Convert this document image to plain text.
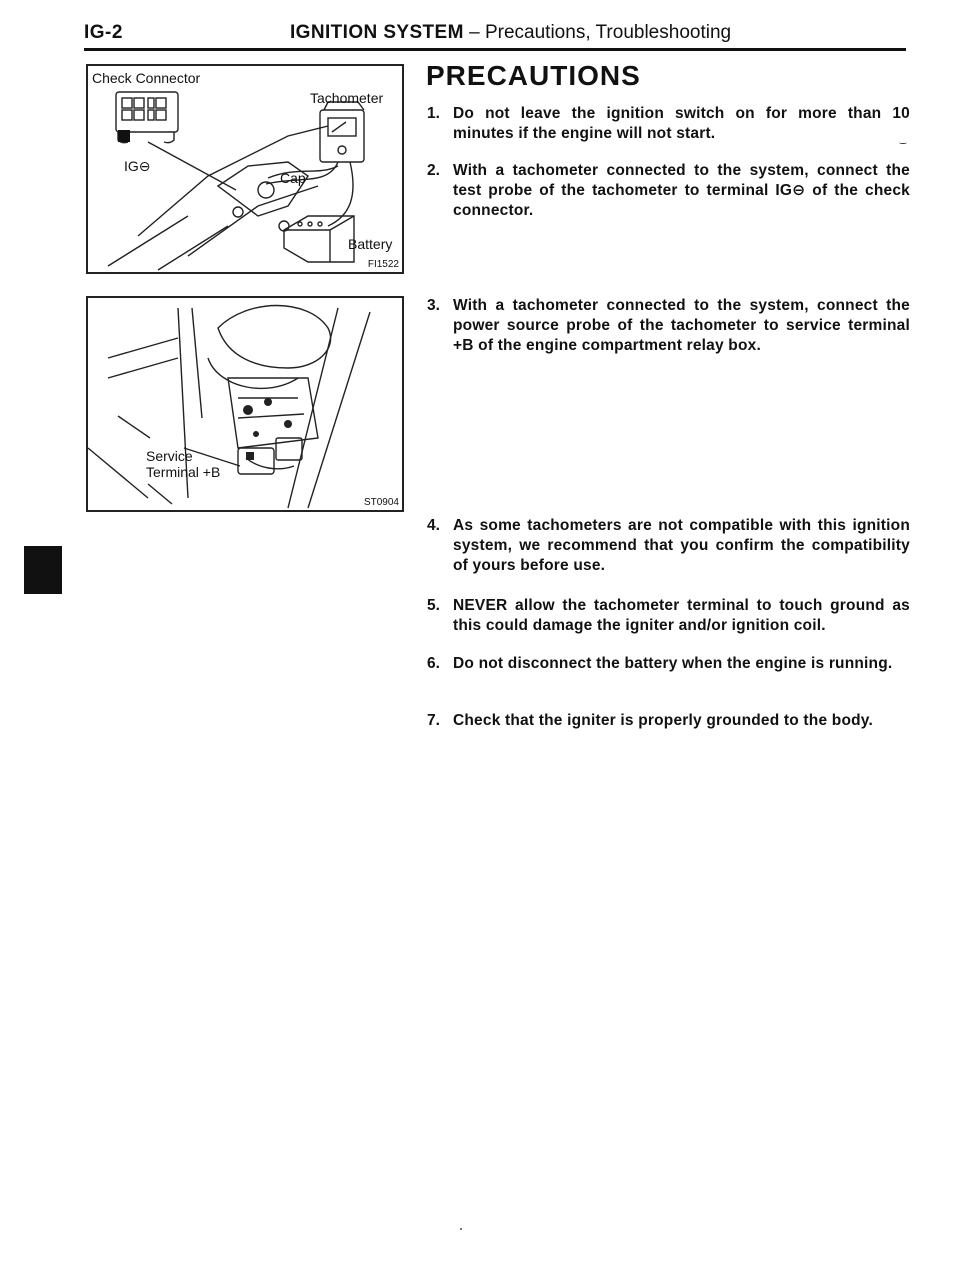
IG-2	IGNITION SYSTEM – Precautions, Troubleshooting
Check Connector
Tachometer
IG⊖
Cap
Battery
FI1522
Service
Terminal +B
ST0904
PRECAUTIONS
1. Do not leave the ignition switch on for more than 10 minutes if the engine will not start.
2. With a tachometer connected to the system, connect the test probe of the tachometer to terminal IG⊖ of the check connector.
3. With a tachometer connected to the system, connect the power source probe of the tachometer to service terminal +B of the engine compartment relay box.
4. As some tachometers are not compatible with this ignition system, we recommend that you confirm the compatibility of yours before use.
5. NEVER allow the tachometer terminal to touch ground as this could damage the igniter and/or ignition coil.
6. Do not disconnect the battery when the engine is running.
7. Check that the igniter is properly grounded to the body.
